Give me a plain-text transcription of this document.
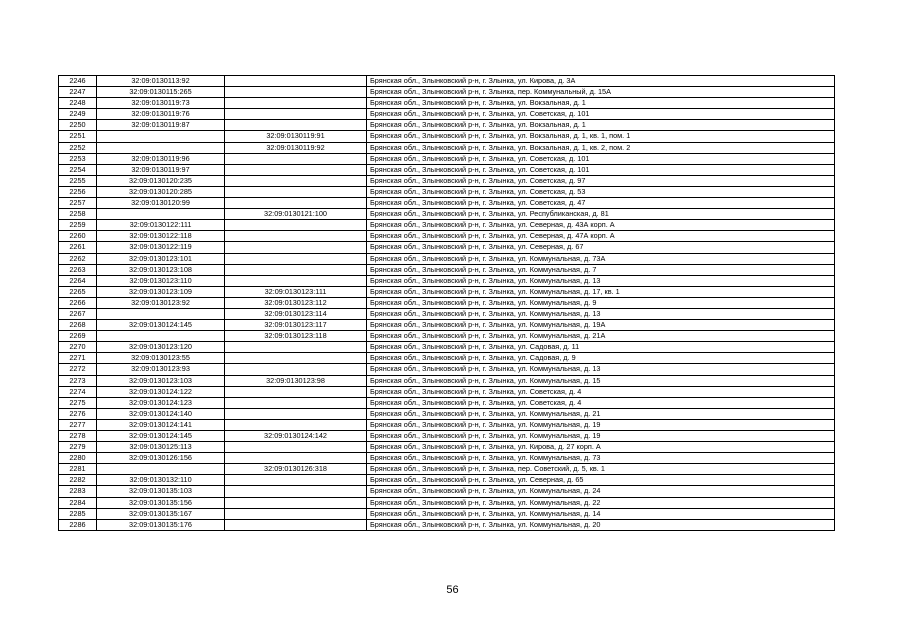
2246	32:09:0130113:92		Брянская обл., Злынковский р-н, г. Злынка, ул. Кирова, д. 3А
2247	32:09:0130115:265		Брянская обл., Злынковский р-н, г. Злынка, пер. Коммунальный, д. 15А
2248	32:09:0130119:73		Брянская обл., Злынковский р-н, г. Злынка, ул. Вокзальная, д. 1
2249	32:09:0130119:76		Брянская обл., Злынковский р-н, г. Злынка, ул. Советская, д. 101
2250	32:09:0130119:87		Брянская обл., Злынковский р-н, г. Злынка, ул. Вокзальная, д. 1
2251		32:09:0130119:91	Брянская обл., Злынковский р-н, г. Злынка, ул. Вокзальная, д. 1, кв. 1, пом. 1
2252		32:09:0130119:92	Брянская обл., Злынковский р-н, г. Злынка, ул. Вокзальная, д. 1, кв. 2, пом. 2
2253	32:09:0130119:96		Брянская обл., Злынковский р-н, г. Злынка, ул. Советская, д. 101
2254	32:09:0130119:97		Брянская обл., Злынковский р-н, г. Злынка, ул. Советская, д. 101
2255	32:09:0130120:235		Брянская обл., Злынковский р-н, г. Злынка, ул. Советская, д. 97
2256	32:09:0130120:285		Брянская обл., Злынковский р-н, г. Злынка, ул. Советская, д. 53
2257	32:09:0130120:99		Брянская обл., Злынковский р-н, г. Злынка, ул. Советская, д. 47
2258		32:09:0130121:100	Брянская обл., Злынковский р-н, г. Злынка, ул. Республиканская, д. 81
2259	32:09:0130122:111		Брянская обл., Злынковский р-н, г. Злынка, ул. Северная, д. 43А корп. А
2260	32:09:0130122:118		Брянская обл., Злынковский р-н, г. Злынка, ул. Северная, д. 47А корп. А
2261	32:09:0130122:119		Брянская обл., Злынковский р-н, г. Злынка, ул. Северная, д. 67
2262	32:09:0130123:101		Брянская обл., Злынковский р-н, г. Злынка, ул. Коммунальная, д. 73А
2263	32:09:0130123:108		Брянская обл., Злынковский р-н, г. Злынка, ул. Коммунальная, д. 7
2264	32:09:0130123:110		Брянская обл., Злынковский р-н, г. Злынка, ул. Коммунальная, д. 13
2265	32:09:0130123:109	32:09:0130123:111	Брянская обл., Злынковский р-н, г. Злынка, ул. Коммунальная, д. 17, кв. 1
2266	32:09:0130123:92	32:09:0130123:112	Брянская обл., Злынковский р-н, г. Злынка, ул. Коммунальная, д. 9
2267		32:09:0130123:114	Брянская обл., Злынковский р-н, г. Злынка, ул. Коммунальная, д. 13
2268	32:09:0130124:145	32:09:0130123:117	Брянская обл., Злынковский р-н, г. Злынка, ул. Коммунальная, д. 19А
2269		32:09:0130123:118	Брянская обл., Злынковский р-н, г. Злынка, ул. Коммунальная, д. 21А
2270	32:09:0130123:120		Брянская обл., Злынковский р-н, г. Злынка, ул. Садовая, д. 11
2271	32:09:0130123:55		Брянская обл., Злынковский р-н, г. Злынка, ул. Садовая, д. 9
2272	32:09:0130123:93		Брянская обл., Злынковский р-н, г. Злынка, ул. Коммунальная, д. 13
2273	32:09:0130123:103	32:09:0130123:98	Брянская обл., Злынковский р-н, г. Злынка, ул. Коммунальная, д. 15
2274	32:09:0130124:122		Брянская обл., Злынковский р-н, г. Злынка, ул. Советская, д. 4
2275	32:09:0130124:123		Брянская обл., Злынковский р-н, г. Злынка, ул. Советская, д. 4
2276	32:09:0130124:140		Брянская обл., Злынковский р-н, г. Злынка, ул. Коммунальная, д. 21
2277	32:09:0130124:141		Брянская обл., Злынковский р-н, г. Злынка, ул. Коммунальная, д. 19
2278	32:09:0130124:145	32:09:0130124:142	Брянская обл., Злынковский р-н, г. Злынка, ул. Коммунальная, д. 19
2279	32:09:0130125:113		Брянская обл., Злынковский р-н, г. Злынка, ул. Кирова, д. 27 корп. А
2280	32:09:0130126:156		Брянская обл., Злынковский р-н, г. Злынка, ул. Коммунальная, д. 73
2281		32:09:0130126:318	Брянская обл., Злынковский р-н, г. Злынка, пер. Советский, д. 5, кв. 1
2282	32:09:0130132:110		Брянская обл., Злынковский р-н, г. Злынка, ул. Северная, д. 65
2283	32:09:0130135:103		Брянская обл., Злынковский р-н, г. Злынка, ул. Коммунальная, д. 24
2284	32:09:0130135:156		Брянская обл., Злынковский р-н, г. Злынка, ул. Коммунальная, д. 22
2285	32:09:0130135:167		Брянская обл., Злынковский р-н, г. Злынка, ул. Коммунальная, д. 14
2286	32:09:0130135:176		Брянская обл., Злынковский р-н, г. Злынка, ул. Коммунальная, д. 20
56
